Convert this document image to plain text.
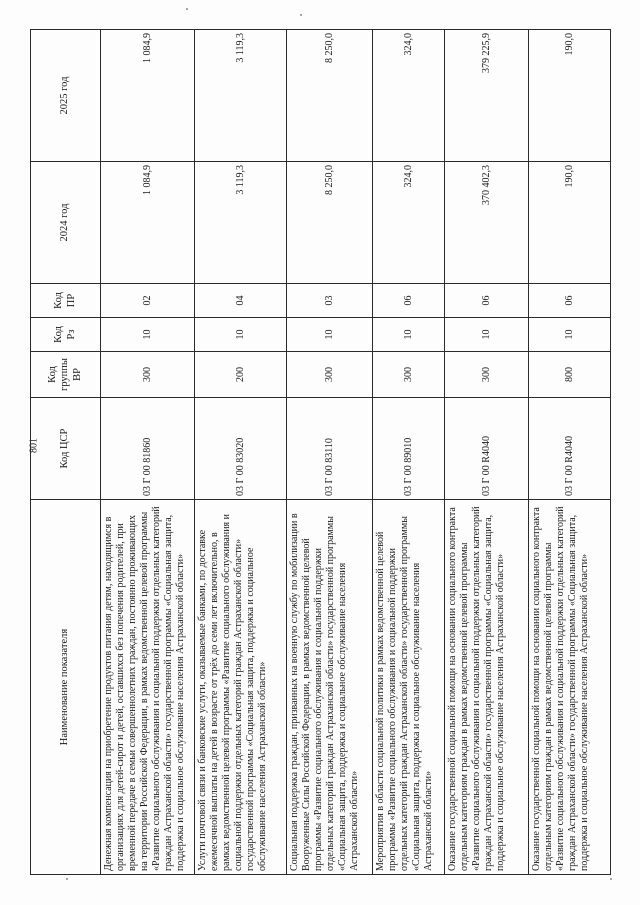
801
Наименование показателя	Код ЦСР	Код группы ВР	Код Рз	Код ПР	2024 год	2025 год
Денежная компенсация на приобретение продуктов питания детям, находящимся в организациях для детей-сирот и детей, оставшихся без попечения родителей, при временной передаче в семьи совершеннолетних граждан, постоянно проживающих на территории Российской Федерации, в рамках ведомственной целевой программы «Развитие социального обслуживания и социальной поддержки отдельных категорий граждан Астраханской области» государственной программы «Социальная защита, поддержка и социальное обслуживание населения Астраханской области»	03 Г 00 81860	300	10	02	1 084,9	1 084,9
Услуги почтовой связи и банковские услуги, оказываемые банками, по доставке ежемесячной выплаты на детей в возрасте от трёх до семи лет включительно, в рамках ведомственной целевой программы «Развитие социального обслуживания и социальной поддержки отдельных категорий граждан Астраханской области» государственной программы «Социальная защита, поддержка и социальное обслуживание населения Астраханской области»	03 Г 00 83020	200	10	04	3 119,3	3 119,3
Социальная поддержка граждан, призванных на военную службу по мобилизации в Вооруженные Силы Российской Федерации, в рамках ведомственной целевой программы «Развитие социального обслуживания и социальной поддержки отдельных категорий граждан Астраханской области» государственной программы «Социальная защита, поддержка и социальное обслуживание населения Астраханской области»	03 Г 00 83110	300	10	03	8 250,0	8 250,0
Мероприятия в области социальной политики в рамках ведомственной целевой программы «Развитие социального обслуживания и социальной поддержки отдельных категорий граждан Астраханской области» государственной программы «Социальная защита, поддержка и социальное обслуживание населения Астраханской области»	03 Г 00 89010	300	10	06	324,0	324,0
Оказание государственной социальной помощи на основании социального контракта отдельным категориям граждан в рамках ведомственной целевой программы «Развитие социального обслуживания и социальной поддержки отдельных категорий граждан Астраханской области» государственной программы «Социальная защита, поддержка и социальное обслуживание населения Астраханской области»	03 Г 00 R4040	300	10	06	370 402,3	379 225,9
Оказание государственной социальной помощи на основании социального контракта отдельным категориям граждан в рамках ведомственной целевой программы «Развитие социального обслуживания и социальной поддержки отдельных категорий граждан Астраханской области» государственной программы «Социальная защита, поддержка и социальное обслуживание населения Астраханской области»	03 Г 00 R4040	800	10	06	190,0	190,0
